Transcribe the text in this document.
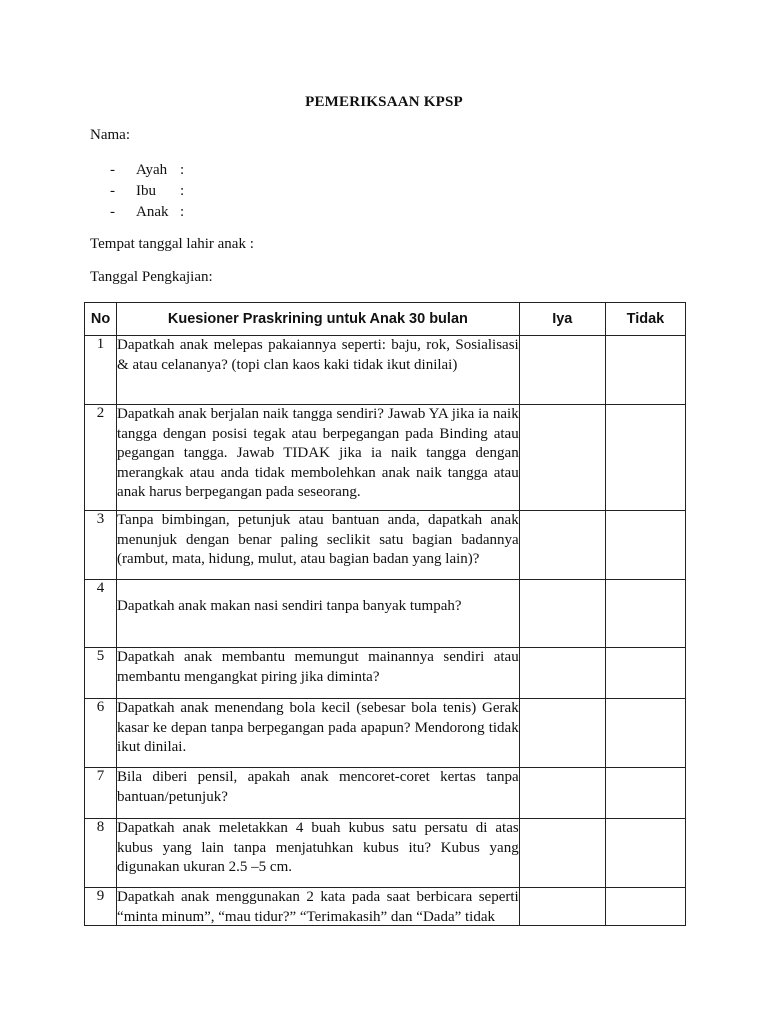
PEMERIKSAAN KPSP
Nama:
-	Ayah :
-	Ibu	:
-	Anak :
Tempat tanggal lahir anak :
Tanggal Pengkajian:
No	Kuesioner Praskrining untuk Anak 30 bulan	Iya	Tidak
1	Dapatkah anak melepas pakaiannya seperti: baju, rok, Sosialisasi & atau celananya? (topi clan kaos kaki tidak ikut dinilai)		
2	Dapatkah anak berjalan naik tangga sendiri? Jawab YA jika ia naik tangga dengan posisi tegak atau berpegangan pada Binding atau pegangan tangga. Jawab TIDAK jika ia naik tangga dengan merangkak atau anda tidak membolehkan anak naik tangga atau anak harus berpegangan pada seseorang.		
3	Tanpa bimbingan, petunjuk atau bantuan anda, dapatkah anak menunjuk dengan benar paling seclikit satu bagian badannya (rambut, mata, hidung, mulut, atau bagian badan yang lain)?		
4	Dapatkah anak makan nasi sendiri tanpa banyak tumpah?		
5	Dapatkah anak membantu memungut mainannya sendiri atau membantu mengangkat piring jika diminta?		
6	Dapatkah anak menendang bola kecil (sebesar bola tenis) Gerak kasar ke depan tanpa berpegangan pada apapun? Mendorong tidak ikut dinilai.		
7	Bila diberi pensil, apakah anak mencoret-coret kertas tanpa bantuan/petunjuk?		
8	Dapatkah anak meletakkan 4 buah kubus satu persatu di atas kubus yang lain tanpa menjatuhkan kubus itu? Kubus yang digunakan ukuran 2.5 –5 cm.		
9	Dapatkah anak menggunakan 2 kata pada saat berbicara seperti “minta minum”, “mau tidur?” “Terimakasih” dan “Dada” tidak		
